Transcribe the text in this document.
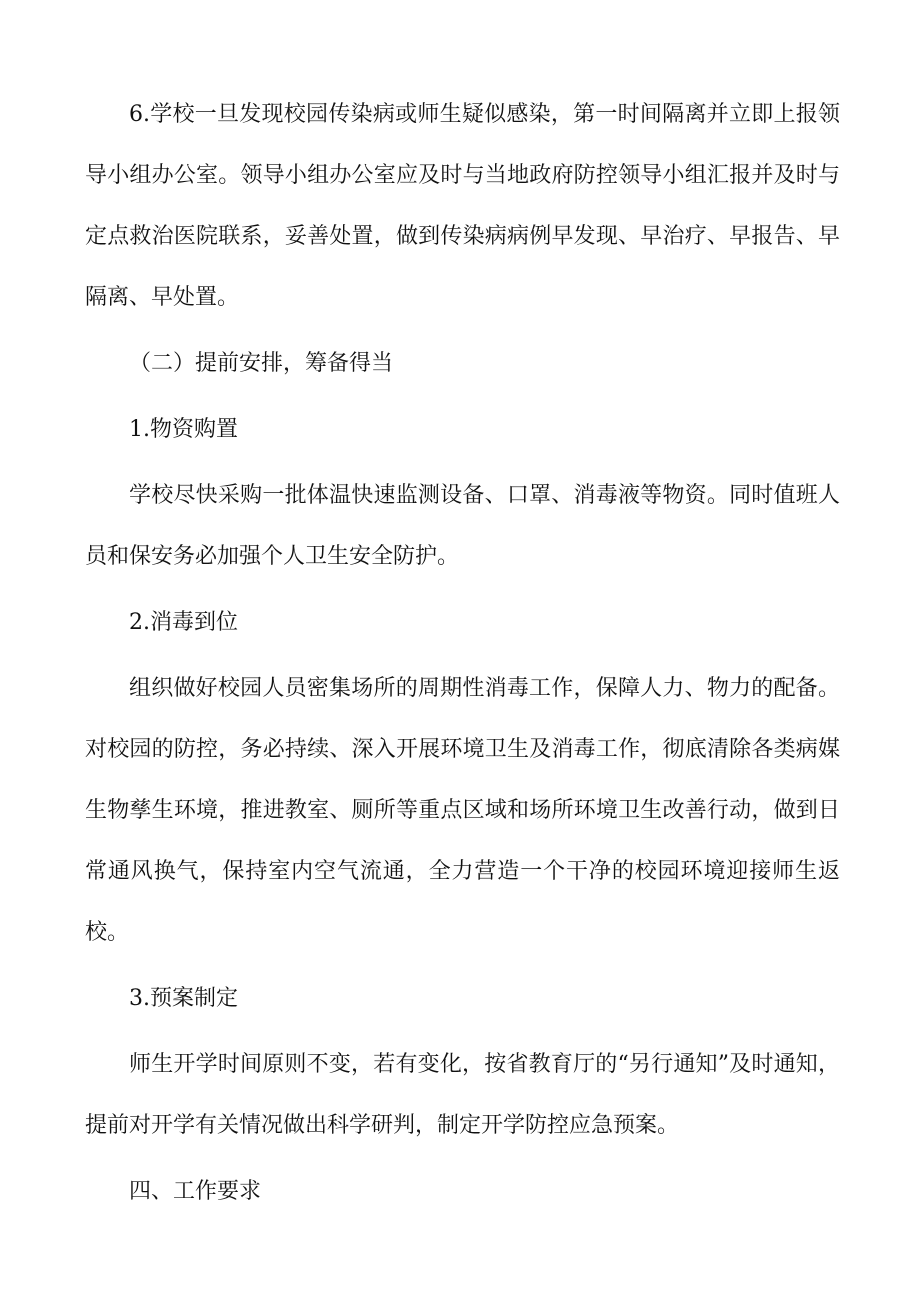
6.学校一旦发现校园传染病或师生疑似感染，第一时间隔离并立即上报领导小组办公室。领导小组办公室应及时与当地政府防控领导小组汇报并及时与定点救治医院联系，妥善处置，做到传染病病例早发现、早治疗、早报告、早隔离、早处置。

（二）提前安排，筹备得当

1.物资购置

学校尽快采购一批体温快速监测设备、口罩、消毒液等物资。同时值班人员和保安务必加强个人卫生安全防护。

2.消毒到位

组织做好校园人员密集场所的周期性消毒工作，保障人力、物力的配备。对校园的防控，务必持续、深入开展环境卫生及消毒工作，彻底清除各类病媒生物孳生环境，推进教室、厕所等重点区域和场所环境卫生改善行动，做到日常通风换气，保持室内空气流通，全力营造一个干净的校园环境迎接师生返校。

3.预案制定

师生开学时间原则不变，若有变化，按省教育厅的“另行通知”及时通知，提前对开学有关情况做出科学研判，制定开学防控应急预案。

四、工作要求
